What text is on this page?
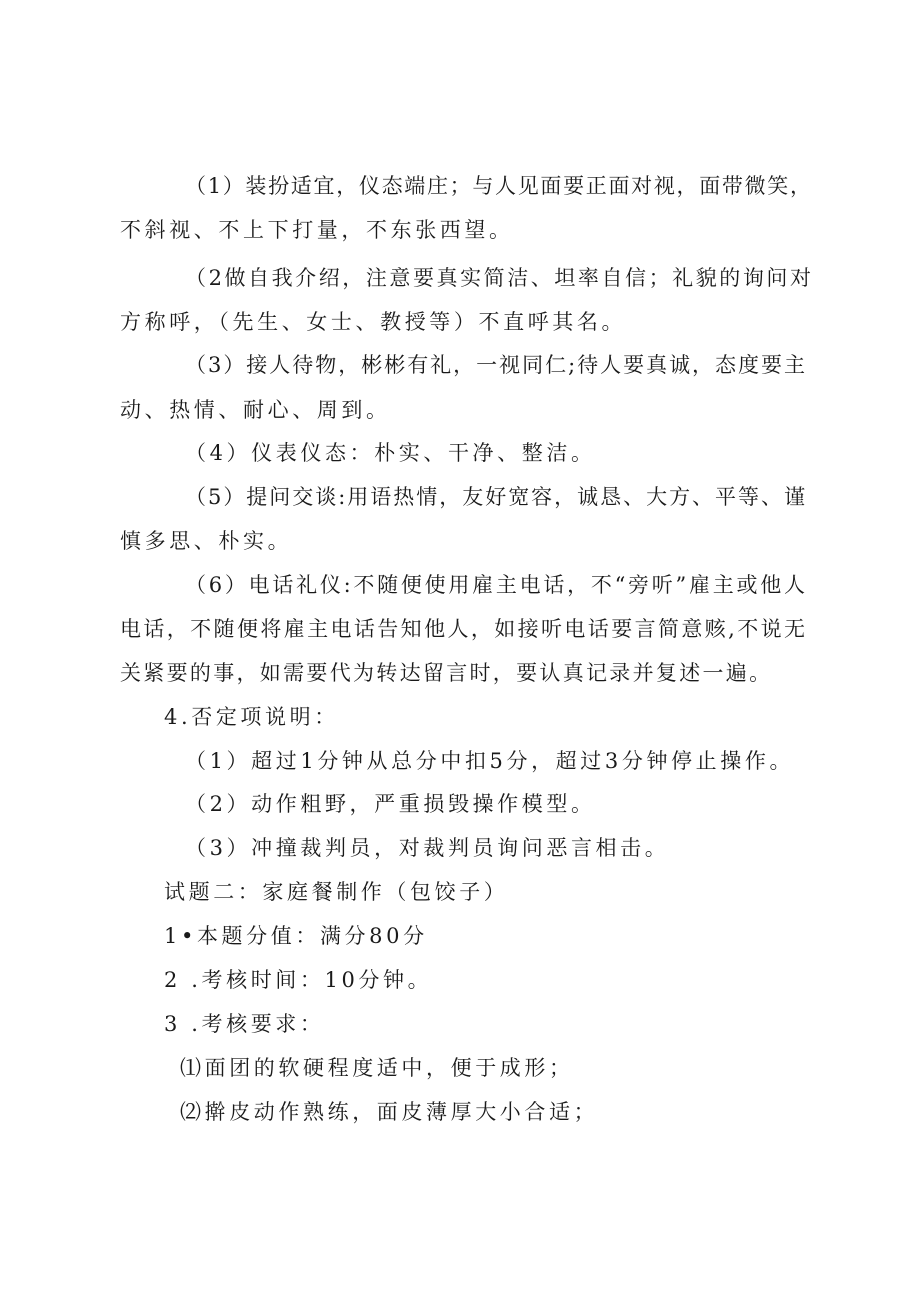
（1）装扮适宜，仪态端庄；与人见面要正面对视，面带微笑，
不斜视、不上下打量，不东张西望。
（2做自我介绍，注意要真实简洁、坦率自信；礼貌的询问对
方称呼，（先生、女士、教授等）不直呼其名。
（3）接人待物，彬彬有礼，一视同仁;待人要真诚，态度要主
动、热情、耐心、周到。
（4）仪表仪态：朴实、干净、整洁。
（5）提问交谈:用语热情，友好宽容，诚恳、大方、平等、谨
慎多思、朴实。
（6）电话礼仪:不随便使用雇主电话，不“旁听”雇主或他人
电话，不随便将雇主电话告知他人，如接听电话要言简意赅,不说无
关紧要的事，如需要代为转达留言时，要认真记录并复述一遍。
4.否定项说明：
（1）超过1分钟从总分中扣5分，超过3分钟停止操作。
（2）动作粗野，严重损毁操作模型。
（3）冲撞裁判员，对裁判员询问恶言相击。
试题二：家庭餐制作（包饺子）
1•本题分值：满分80分
2 .考核时间：10分钟。
3 .考核要求：
⑴面团的软硬程度适中，便于成形；
⑵擀皮动作熟练，面皮薄厚大小合适；
